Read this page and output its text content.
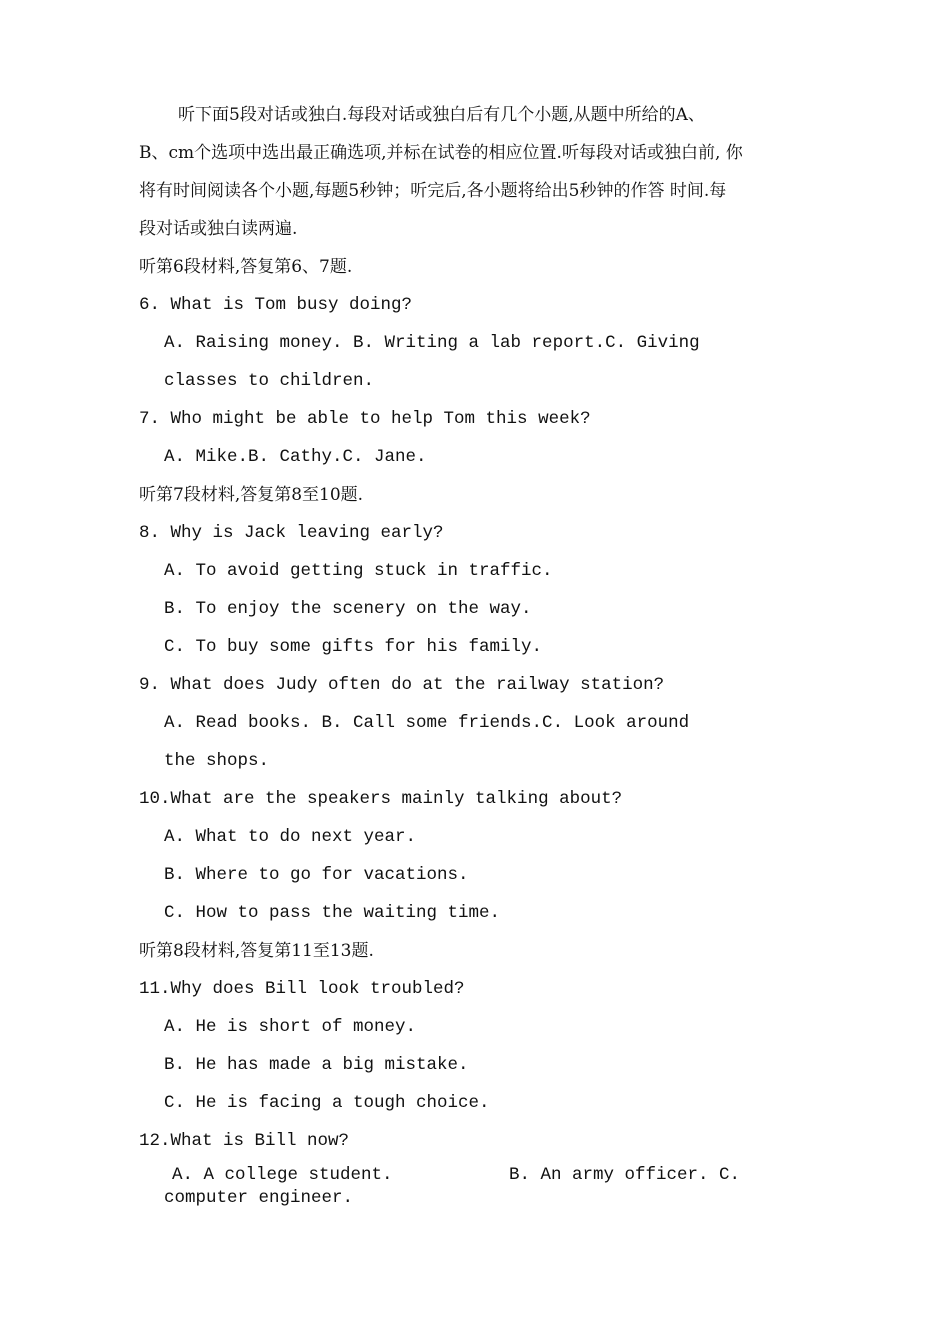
听下面5段对话或独白.每段对话或独白后有几个小题,从题中所给的A、
B、cm个选项中选出最正确选项,并标在试卷的相应位置.听每段对话或独白前, 你
将有时间阅读各个小题,每题5秒钟；听完后,各小题将给出5秒钟的作答 时间.每
段对话或独白读两遍.
听第6段材料,答复第6、7题.
6. What is Tom busy doing?
A. Raising money. B. Writing a lab report.C. Giving
classes to children.
7. Who might be able to help Tom this week?
A. Mike.B. Cathy.C. Jane.
听第7段材料,答复第8至10题.
8. Why is Jack leaving early?
A. To avoid getting stuck in traffic.
B. To enjoy the scenery on the way.
C. To buy some gifts for his family.
9. What does Judy often do at the railway station?
A. Read books. B. Call some friends.C. Look around
the shops.
10.What are the speakers mainly talking about?
A. What to do next year.
B. Where to go for vacations.
C. How to pass the waiting time.
听第8段材料,答复第11至13题.
11.Why does Bill look troubled?
A. He is short of money.
B. He has made a big mistake.
C. He is facing a tough choice.
12.What is Bill now?
A. A college student.	B. An army officer. C.
computer engineer.
